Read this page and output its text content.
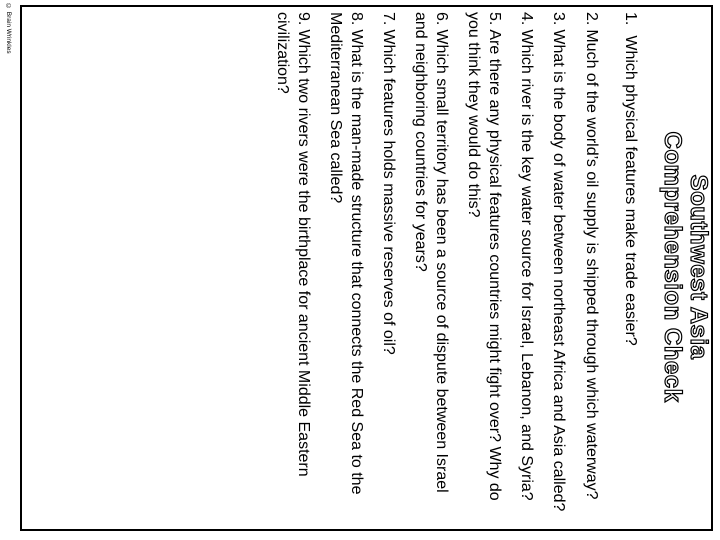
© Brain Wrinkles
Southwest Asia
Comprehension Check
1.Which physical features make trade easier?
2.Much of the world’s oil supply is shipped through which waterway?
3.What is the body of water between northeast Africa and Asia called?
4.Which river is the key water source for Israel, Lebanon, and Syria?
5.Are there any physical features countries might fight over? Why do you think they would do this?
6.Which small territory has been a source of dispute between Israel and neighboring countries for years?
7.Which features holds massive reserves of oil?
8.What is the man-made structure that connects the Red Sea to the Mediterranean Sea called?
9.Which two rivers were the birthplace for ancient Middle Eastern civilization?
